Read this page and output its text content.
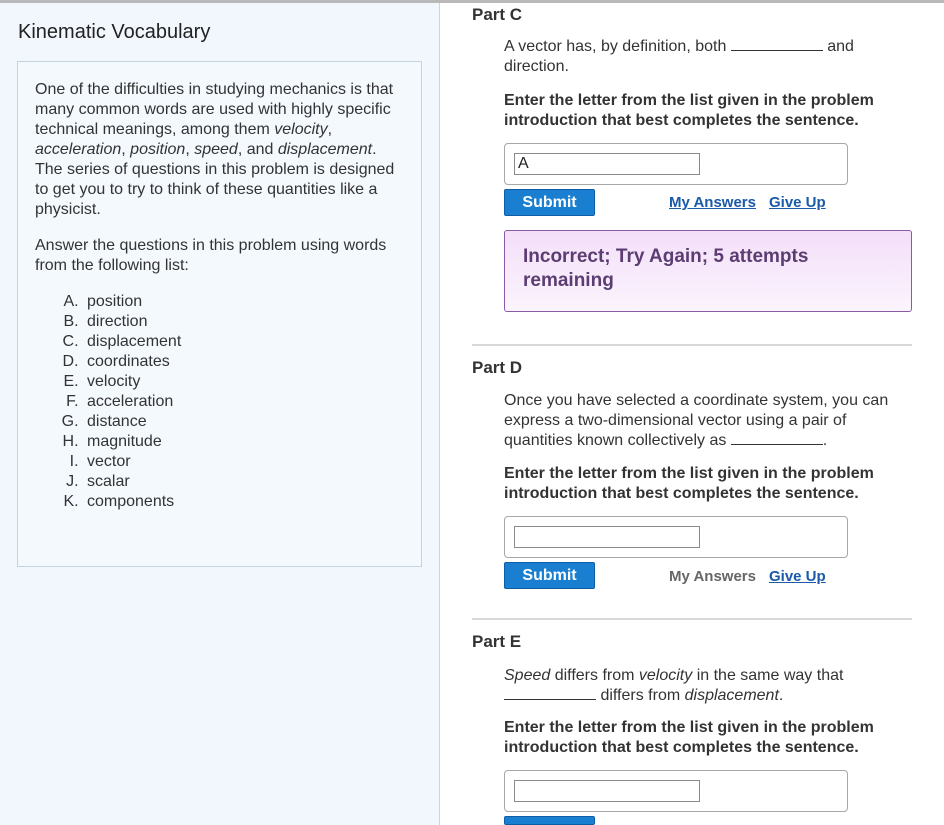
Kinematic Vocabulary

One of the difficulties in studying mechanics is that many common words are used with highly specific technical meanings, among them velocity, acceleration, position, speed, and displacement. The series of questions in this problem is designed to get you to try to think of these quantities like a physicist.

Answer the questions in this problem using words from the following list:

A. position
B. direction
C. displacement
D. coordinates
E. velocity
F. acceleration
G. distance
H. magnitude
I. vector
J. scalar
K. components
Part C
A vector has, by definition, both	and direction.
Enter the letter from the list given in the problem introduction that best completes the sentence.
A
Submit	My Answers Give Up
Incorrect; Try Again; 5 attempts remaining
Part D
Once you have selected a coordinate system, you can express a two-dimensional vector using a pair of quantities known collectively as	.
Enter the letter from the list given in the problem introduction that best completes the sentence.
Submit	My Answers Give Up
Part E
Speed differs from velocity in the same way that
differs from displacement.
Enter the letter from the list given in the problem introduction that best completes the sentence.
